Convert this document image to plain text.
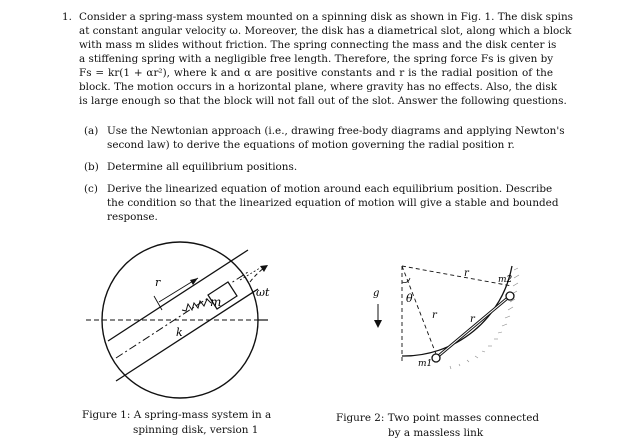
1. Consider a spring-mass system mounted on a spinning disk as shown in Fig. 1. The disk spins
at constant angular velocity ω. Moreover, the disk has a diametrical slot, along which a block
with mass m slides without friction. The spring connecting the mass and the disk center is
a stiffening spring with a negligible free length. Therefore, the spring force Fs is given by
Fs = kr(1 + αr²), where k and α are positive constants and r is the radial position of the
block. The motion occurs in a horizontal plane, where gravity has no effects. Also, the disk
is large enough so that the block will not fall out of the slot. Answer the following questions.
(a) Use the Newtonian approach (i.e., drawing free-body diagrams and applying Newton's
second law) to derive the equations of motion governing the radial position r.
(b) Determine all equilibrium positions.
(c) Derive the linearized equation of motion around each equilibrium position. Describe
the condition so that the linearized equation of motion will give a stable and bounded
response.
r
ωt
m
k
Figure 1: A spring-mass system in a
spinning disk, version 1
g θ
r
r	r
m2
m1
Figure 2: Two point masses connected
by a massless link
